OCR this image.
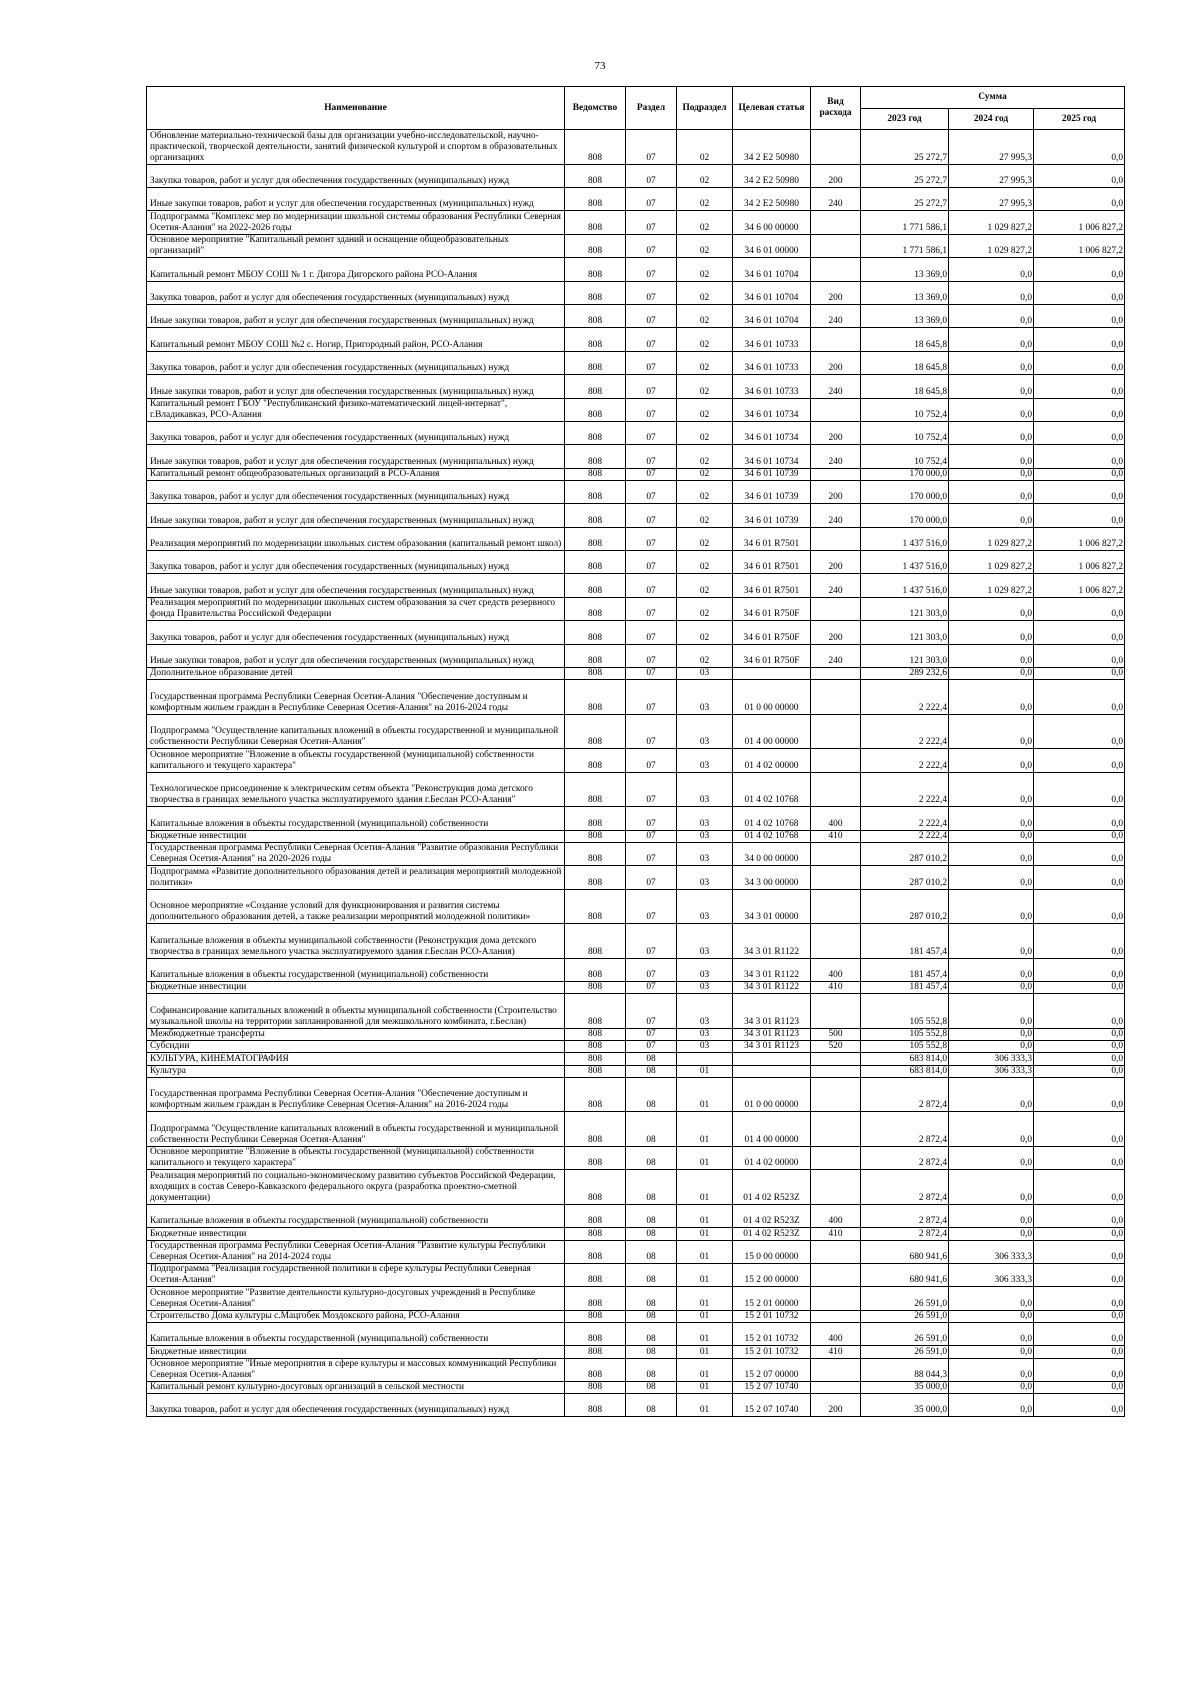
73
Наименование	Ведомство	Раздел	Подраздел	Целевая статья	Вид расхода	Сумма		
						2023 год	2024 год	2025 год
Обновление материально-технической базы для организации учебно-исследовательской, научно-практической, творческой деятельности, занятий физической культурой и спортом в образовательных организациях	808	07	02	34 2 E2 50980		25 272,7	27 995,3	0,0
Закупка товаров, работ и услуг для обеспечения государственных (муниципальных) нужд	808	07	02	34 2 E2 50980	200	25 272,7	27 995,3	0,0
Иные закупки товаров, работ и услуг для обеспечения государственных (муниципальных) нужд	808	07	02	34 2 E2 50980	240	25 272,7	27 995,3	0,0
Подпрограмма "Комплекс мер по модернизации школьной системы образования Республики Северная Осетия-Алания" на 2022-2026 годы	808	07	02	34 6 00 00000		1 771 586,1	1 029 827,2	1 006 827,2
Основное мероприятие "Капитальный ремонт зданий и оснащение общеобразовательных организаций"	808	07	02	34 6 01 00000		1 771 586,1	1 029 827,2	1 006 827,2
Капитальный ремонт МБОУ СОШ № 1 г. Дигора Дигорского района РСО-Алания	808	07	02	34 6 01 10704		13 369,0	0,0	0,0
Закупка товаров, работ и услуг для обеспечения государственных (муниципальных) нужд	808	07	02	34 6 01 10704	200	13 369,0	0,0	0,0
Иные закупки товаров, работ и услуг для обеспечения государственных (муниципальных) нужд	808	07	02	34 6 01 10704	240	13 369,0	0,0	0,0
Капитальный ремонт МБОУ СОШ №2 с. Ногир, Пригородный район, РСО-Алания	808	07	02	34 6 01 10733		18 645,8	0,0	0,0
Закупка товаров, работ и услуг для обеспечения государственных (муниципальных) нужд	808	07	02	34 6 01 10733	200	18 645,8	0,0	0,0
Иные закупки товаров, работ и услуг для обеспечения государственных (муниципальных) нужд	808	07	02	34 6 01 10733	240	18 645,8	0,0	0,0
Капитальный ремонт ГБОУ "Республиканский физико-математический лицей-интернат", г.Владикавказ, РСО-Алания	808	07	02	34 6 01 10734		10 752,4	0,0	0,0
Закупка товаров, работ и услуг для обеспечения государственных (муниципальных) нужд	808	07	02	34 6 01 10734	200	10 752,4	0,0	0,0
Иные закупки товаров, работ и услуг для обеспечения государственных (муниципальных) нужд	808	07	02	34 6 01 10734	240	10 752,4	0,0	0,0
Капитальный ремонт общеобразовательных организаций в РСО-Алания	808	07	02	34 6 01 10739		170 000,0	0,0	0,0
Закупка товаров, работ и услуг для обеспечения государственных (муниципальных) нужд	808	07	02	34 6 01 10739	200	170 000,0	0,0	0,0
Иные закупки товаров, работ и услуг для обеспечения государственных (муниципальных) нужд	808	07	02	34 6 01 10739	240	170 000,0	0,0	0,0
Реализация мероприятий по модернизации школьных систем образования (капитальный ремонт школ)	808	07	02	34 6 01 R7501		1 437 516,0	1 029 827,2	1 006 827,2
Закупка товаров, работ и услуг для обеспечения государственных (муниципальных) нужд	808	07	02	34 6 01 R7501	200	1 437 516,0	1 029 827,2	1 006 827,2
Иные закупки товаров, работ и услуг для обеспечения государственных (муниципальных) нужд	808	07	02	34 6 01 R7501	240	1 437 516,0	1 029 827,2	1 006 827,2
Реализация мероприятий по модернизации школьных систем образования за счет средств резервного фонда Правительства Российской Федерации	808	07	02	34 6 01 R750F		121 303,0	0,0	0,0
Закупка товаров, работ и услуг для обеспечения государственных (муниципальных) нужд	808	07	02	34 6 01 R750F	200	121 303,0	0,0	0,0
Иные закупки товаров, работ и услуг для обеспечения государственных (муниципальных) нужд	808	07	02	34 6 01 R750F	240	121 303,0	0,0	0,0
Дополнительное образование детей	808	07	03			289 232,6	0,0	0,0
Государственная программа Республики Северная Осетия-Алания "Обеспечение доступным и комфортным жильем граждан в Республике Северная Осетия-Алания" на 2016-2024 годы	808	07	03	01 0 00 00000		2 222,4	0,0	0,0
Подпрограмма "Осуществление капитальных вложений в объекты государственной и муниципальной собственности Республики Северная Осетия-Алания"	808	07	03	01 4 00 00000		2 222,4	0,0	0,0
Основное мероприятие "Вложение в объекты государственной (муниципальной) собственности капитального и текущего характера"	808	07	03	01 4 02 00000		2 222,4	0,0	0,0
Технологическое присоединение к электрическим сетям объекта "Реконструкция дома детского творчества в границах земельного участка эксплуатируемого здания г.Беслан РСО-Алания"	808	07	03	01 4 02 10768		2 222,4	0,0	0,0
Капитальные вложения в объекты государственной (муниципальной) собственности	808	07	03	01 4 02 10768	400	2 222,4	0,0	0,0
Бюджетные инвестиции	808	07	03	01 4 02 10768	410	2 222,4	0,0	0,0
Государственная программа Республики Северная Осетия-Алания "Развитие образования Республики Северная Осетия-Алания" на 2020-2026 годы	808	07	03	34 0 00 00000		287 010,2	0,0	0,0
Подпрограмма «Развитие дополнительного образования детей и реализация мероприятий молодежной политики»	808	07	03	34 3 00 00000		287 010,2	0,0	0,0
Основное мероприятие «Создание условий для функционирования и развития системы дополнительного образования детей, а также реализации мероприятий молодежной политики»	808	07	03	34 3 01 00000		287 010,2	0,0	0,0
Капитальные вложения в объекты муниципальной собственности (Реконструкция дома детского творчества в границах земельного участка эксплуатируемого здания г.Беслан РСО-Алания)	808	07	03	34 3 01 R1122		181 457,4	0,0	0,0
Капитальные вложения в объекты государственной (муниципальной) собственности	808	07	03	34 3 01 R1122	400	181 457,4	0,0	0,0
Бюджетные инвестиции	808	07	03	34 3 01 R1122	410	181 457,4	0,0	0,0
Софинансирование капитальных вложений в объекты муниципальной собственности (Строительство музыкальной школы на территории запланированной для межшкольного комбината, г.Беслан)	808	07	03	34 3 01 R1123		105 552,8	0,0	0,0
Межбюджетные трансферты	808	07	03	34 3 01 R1123	500	105 552,8	0,0	0,0
Субсидии	808	07	03	34 3 01 R1123	520	105 552,8	0,0	0,0
КУЛЬТУРА, КИНЕМАТОГРАФИЯ	808	08				683 814,0	306 333,3	0,0
Культура	808	08	01			683 814,0	306 333,3	0,0
Государственная программа Республики Северная Осетия-Алания "Обеспечение доступным и комфортным жильем граждан в Республике Северная Осетия-Алания" на 2016-2024 годы	808	08	01	01 0 00 00000		2 872,4	0,0	0,0
Подпрограмма "Осуществление капитальных вложений в объекты государственной и муниципальной собственности Республики Северная Осетия-Алания"	808	08	01	01 4 00 00000		2 872,4	0,0	0,0
Основное мероприятие "Вложение в объекты государственной (муниципальной) собственности капитального и текущего характера"	808	08	01	01 4 02 00000		2 872,4	0,0	0,0
Реализация мероприятий по социально-экономическому развитию субъектов Российской Федерации, входящих в состав Северо-Кавказского федерального округа (разработка проектно-сметной документации)	808	08	01	01 4 02 R523Z		2 872,4	0,0	0,0
Капитальные вложения в объекты государственной (муниципальной) собственности	808	08	01	01 4 02 R523Z	400	2 872,4	0,0	0,0
Бюджетные инвестиции	808	08	01	01 4 02 R523Z	410	2 872,4	0,0	0,0
Государственная программа Республики Северная Осетия-Алания "Развитие культуры Республики Северная Осетия-Алания" на 2014-2024 годы	808	08	01	15 0 00 00000		680 941,6	306 333,3	0,0
Подпрограмма "Реализация государственной политики в сфере культуры Республики Северная Осетия-Алания"	808	08	01	15 2 00 00000		680 941,6	306 333,3	0,0
Основное мероприятие "Развитие деятельности культурно-досуговых учреждений в Республике Северная Осетия-Алания"	808	08	01	15 2 01 00000		26 591,0	0,0	0,0
Строительство Дома культуры с.Мацгобек Моздокского района, РСО-Алания	808	08	01	15 2 01 10732		26 591,0	0,0	0,0
Капитальные вложения в объекты государственной (муниципальной) собственности	808	08	01	15 2 01 10732	400	26 591,0	0,0	0,0
Бюджетные инвестиции	808	08	01	15 2 01 10732	410	26 591,0	0,0	0,0
Основное мероприятие "Иные мероприятия в сфере культуры и массовых коммуникаций Республики Северная Осетия-Алания"	808	08	01	15 2 07 00000		88 044,3	0,0	0,0
Капитальный ремонт культурно-досуговых организаций в сельской местности	808	08	01	15 2 07 10740		35 000,0	0,0	0,0
Закупка товаров, работ и услуг для обеспечения государственных (муниципальных) нужд	808	08	01	15 2 07 10740	200	35 000,0	0,0	0,0
